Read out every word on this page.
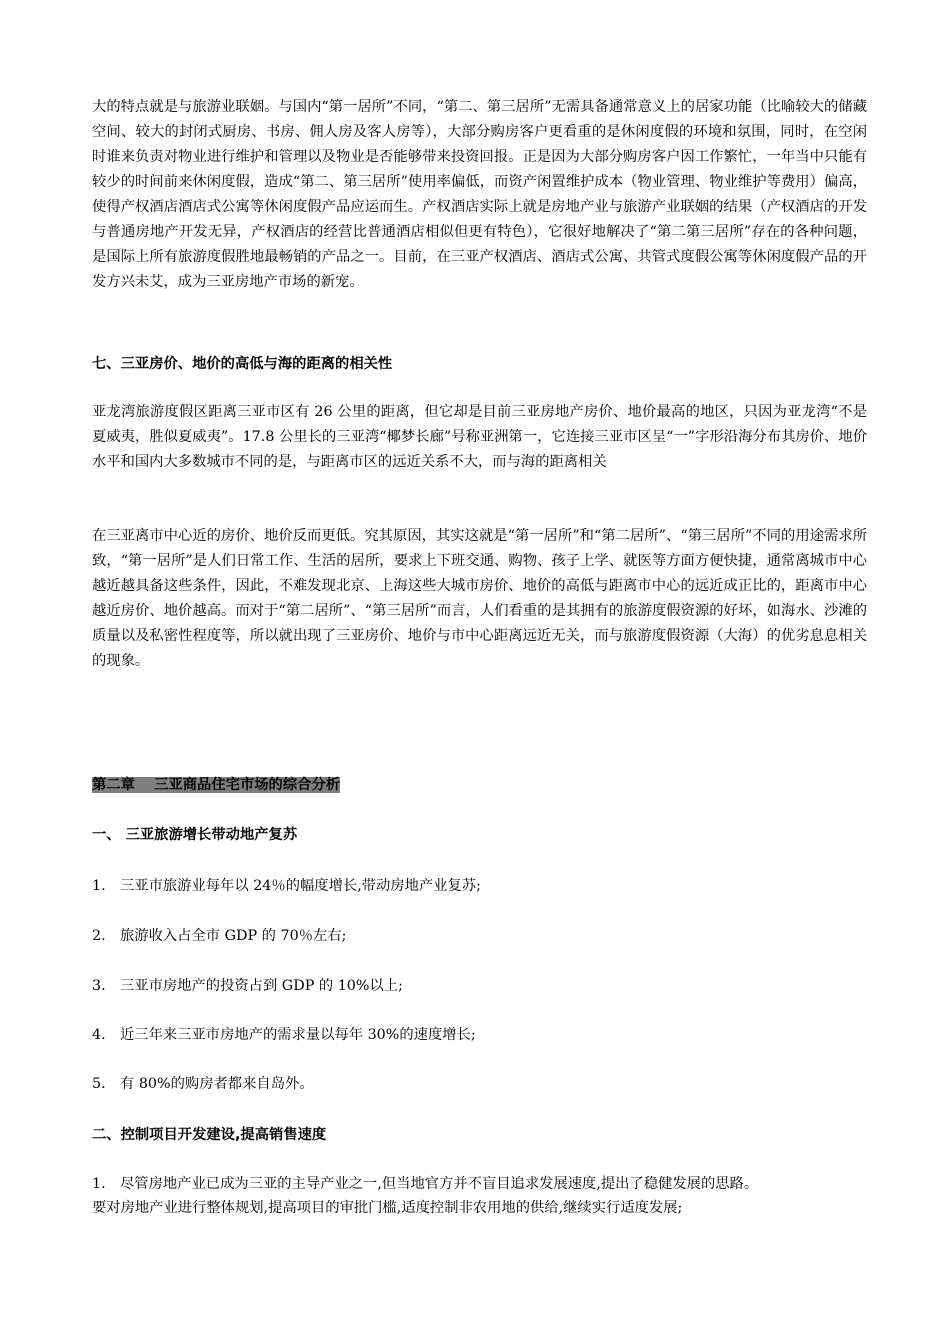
大的特点就是与旅游业联姻。与国内“第一居所”不同，“第二、第三居所”无需具备通常意义上的居家功能（比喻较大的储藏空间、较大的封闭式厨房、书房、佣人房及客人房等），大部分购房客户更看重的是休闲度假的环境和氛围，同时，在空闲时谁来负责对物业进行维护和管理以及物业是否能够带来投资回报。正是因为大部分购房客户因工作繁忙，一年当中只能有较少的时间前来休闲度假，造成“第二、第三居所”使用率偏低，而资产闲置维护成本（物业管理、物业维护等费用）偏高，使得产权酒店酒店式公寓等休闲度假产品应运而生。产权酒店实际上就是房地产业与旅游产业联姻的结果（产权酒店的开发与普通房地产开发无异，产权酒店的经营比普通酒店相似但更有特色），它很好地解决了“第二第三居所”存在的各种问题，是国际上所有旅游度假胜地最畅销的产品之一。目前，在三亚产权酒店、酒店式公寓、共管式度假公寓等休闲度假产品的开发方兴未艾，成为三亚房地产市场的新宠。

七、三亚房价、地价的高低与海的距离的相关性

亚龙湾旅游度假区距离三亚市区有 26 公里的距离，但它却是目前三亚房地产房价、地价最高的地区，只因为亚龙湾“不是夏威夷，胜似夏威夷”。17.8 公里长的三亚湾“椰梦长廊”号称亚洲第一，它连接三亚市区呈“一”字形沿海分布其房价、地价水平和国内大多数城市不同的是，与距离市区的远近关系不大，而与海的距离相关

在三亚离市中心近的房价、地价反而更低。究其原因，其实这就是“第一居所”和“第二居所”、“第三居所”不同的用途需求所致，“第一居所”是人们日常工作、生活的居所，要求上下班交通、购物、孩子上学、就医等方面方便快捷，通常离城市中心越近越具备这些条件，因此，不难发现北京、上海这些大城市房价、地价的高低与距离市中心的远近成正比的，距离市中心越近房价、地价越高。而对于“第二居所”、“第三居所”而言，人们看重的是其拥有的旅游度假资源的好坏，如海水、沙滩的质量以及私密性程度等，所以就出现了三亚房价、地价与市中心距离远近无关，而与旅游度假资源（大海）的优劣息息相关的现象。

第二章　 三亚商品住宅市场的综合分析

一、 三亚旅游增长带动地产复苏

1. 三亚市旅游业每年以 24％的幅度增长,带动房地产业复苏;

2. 旅游收入占全市 GDP 的 70％左右;

3. 三亚市房地产的投资占到 GDP 的 10%以上;

4. 近三年来三亚市房地产的需求量以每年 30%的速度增长;

5. 有 80%的购房者都来自岛外。

二、控制项目开发建设,提高销售速度

1. 尽管房地产业已成为三亚的主导产业之一,但当地官方并不盲目追求发展速度,提出了稳健发展的思路。
要对房地产业进行整体规划,提高项目的审批门槛,适度控制非农用地的供给,继续实行适度发展;
